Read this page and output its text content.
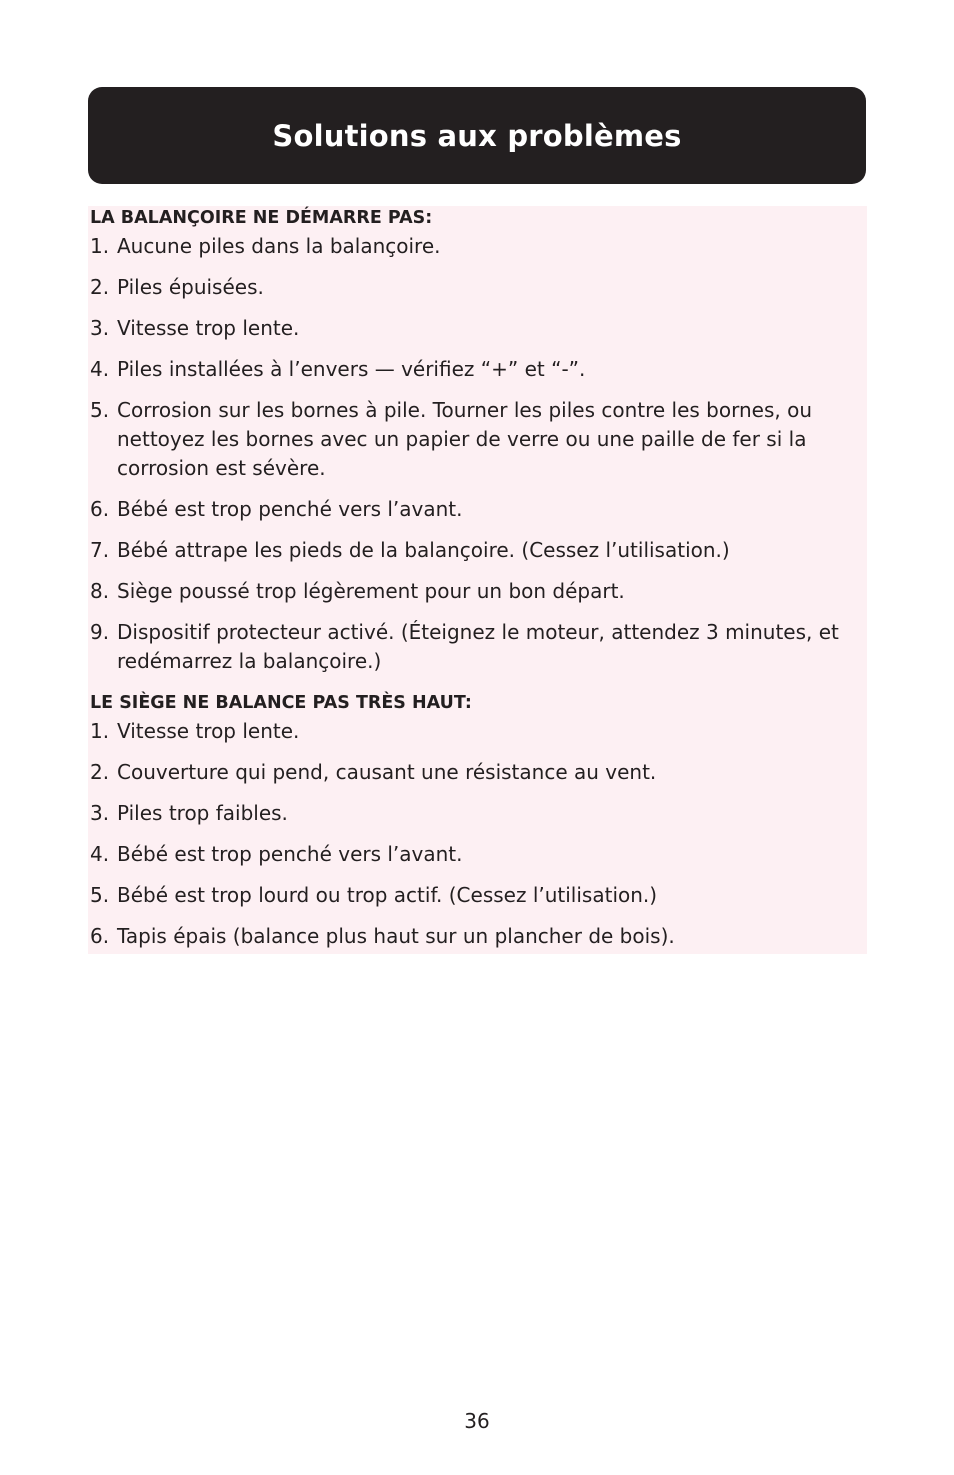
Solutions aux problèmes

LA BALANÇOIRE NE DÉMARRE PAS:

1. Aucune piles dans la balançoire.

2. Piles épuisées.

3. Vitesse trop lente.

4. Piles installées à l’envers — vérifiez “+” et “-”.

5. Corrosion sur les bornes à pile. Tourner les piles contre les bornes, ou nettoyez les bornes avec un papier de verre ou une paille de fer si la corrosion est sévère.

6. Bébé est trop penché vers l’avant.

7. Bébé attrape les pieds de la balançoire. (Cessez l’utilisation.)

8. Siège poussé trop légèrement pour un bon départ.

9. Dispositif protecteur activé. (Éteignez le moteur, attendez 3 minutes, et redémarrez la balançoire.)

LE SIÈGE NE BALANCE PAS TRÈS HAUT:

1. Vitesse trop lente.

2. Couverture qui pend, causant une résistance au vent.

3. Piles trop faibles.

4. Bébé est trop penché vers l’avant.

5. Bébé est trop lourd ou trop actif. (Cessez l’utilisation.)

6. Tapis épais (balance plus haut sur un plancher de bois).

36
